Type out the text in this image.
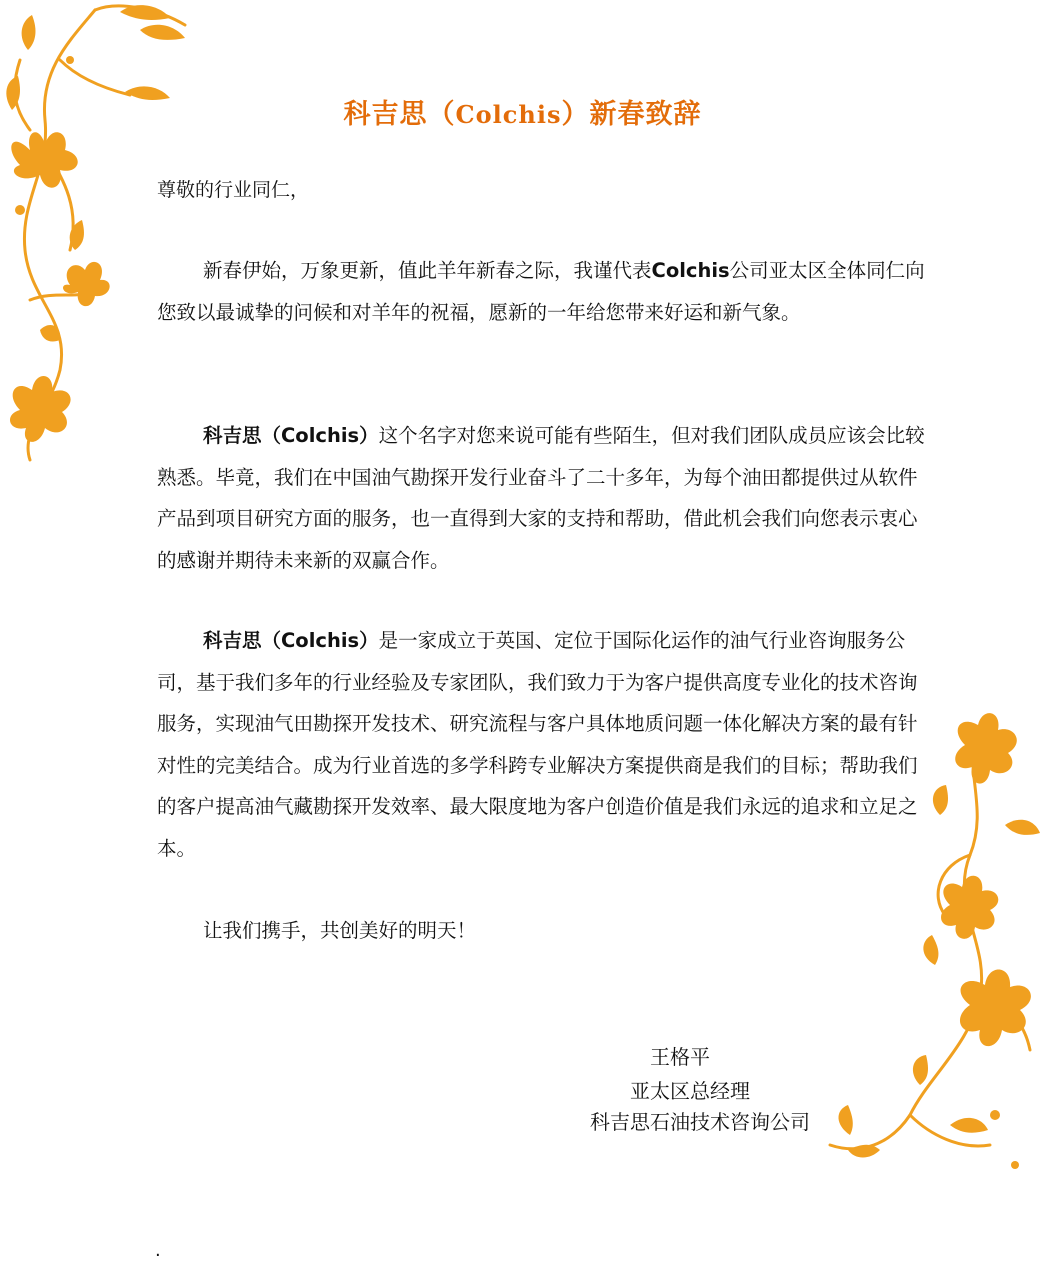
科吉思（Colchis）新春致辞
尊敬的行业同仁，

新春伊始，万象更新，值此羊年新春之际，我谨代表Colchis公司亚太区全体同仁向您致以最诚挚的问候和对羊年的祝福，愿新的一年给您带来好运和新气象。

科吉思（Colchis）这个名字对您来说可能有些陌生，但对我们团队成员应该会比较熟悉。毕竟，我们在中国油气勘探开发行业奋斗了二十多年，为每个油田都提供过从软件产品到项目研究方面的服务，也一直得到大家的支持和帮助，借此机会我们向您表示衷心的感谢并期待未来新的双赢合作。

科吉思（Colchis）是一家成立于英国、定位于国际化运作的油气行业咨询服务公司，基于我们多年的行业经验及专家团队，我们致力于为客户提供高度专业化的技术咨询服务，实现油气田勘探开发技术、研究流程与客户具体地质问题一体化解决方案的最有针对性的完美结合。成为行业首选的多学科跨专业解决方案提供商是我们的目标；帮助我们的客户提高油气藏勘探开发效率、最大限度地为客户创造价值是我们永远的追求和立足之本。

让我们携手，共创美好的明天！

王格平
亚太区总经理
科吉思石油技术咨询公司
.
